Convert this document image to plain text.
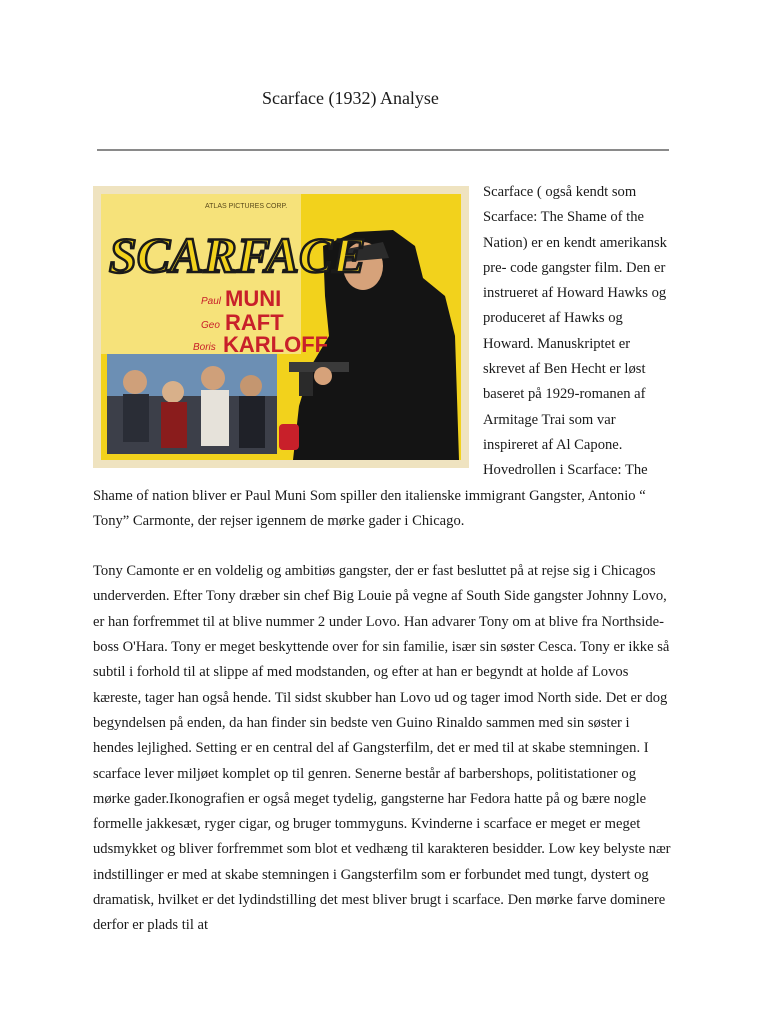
Scarface (1932) Analyse
ATLAS PICTURES CORP.
SCARFACE
Paul MUNI
Geo RAFT
Boris KARLOFF

Scarface ( også kendt som Scarface: The Shame of the Nation) er en kendt amerikansk pre- code gangster film. Den er instrueret af Howard Hawks og produceret af Hawks og Howard. Manuskriptet er skrevet af Ben Hecht er løst baseret på 1929-romanen af Armitage Trai som var inspireret af Al Capone. Hovedrollen i Scarface: The Shame of nation bliver er Paul Muni Som spiller den italienske immigrant Gangster, Antonio “ Tony” Carmonte, der rejser igennem de mørke gader i Chicago.

Tony Camonte er en voldelig og ambitiøs gangster, der er fast besluttet på at rejse sig i Chicagos underverden. Efter Tony dræber sin chef Big Louie på vegne af South Side gangster Johnny Lovo, er han forfremmet til at blive nummer 2 under Lovo. Han advarer Tony om at blive fra Northside-boss O'Hara. Tony er meget beskyttende over for sin familie, især sin søster Cesca. Tony er ikke så subtil i forhold til at slippe af med modstanden, og efter at han er begyndt at holde af Lovos kæreste, tager han også hende. Til sidst skubber han Lovo ud og tager imod North side. Det er dog begyndelsen på enden, da han finder sin bedste ven Guino Rinaldo sammen med sin søster i hendes lejlighed. Setting er en central del af Gangsterfilm, det er med til at skabe stemningen. I scarface lever miljøet komplet op til genren. Senerne består af barbershops, politistationer og mørke gader.Ikonografien er også meget tydelig, gangsterne har Fedora hatte på og bære nogle formelle jakkesæt, ryger cigar, og bruger tommyguns. Kvinderne i scarface er meget er meget udsmykket og bliver forfremmet som blot et vedhæng til karakteren besidder. Low key belyste nær indstillinger er med at skabe stemningen i Gangsterfilm som er forbundet med tungt, dystert og dramatisk, hvilket er det lydindstilling det mest bliver brugt i scarface. Den mørke farve dominere derfor er plads til at
